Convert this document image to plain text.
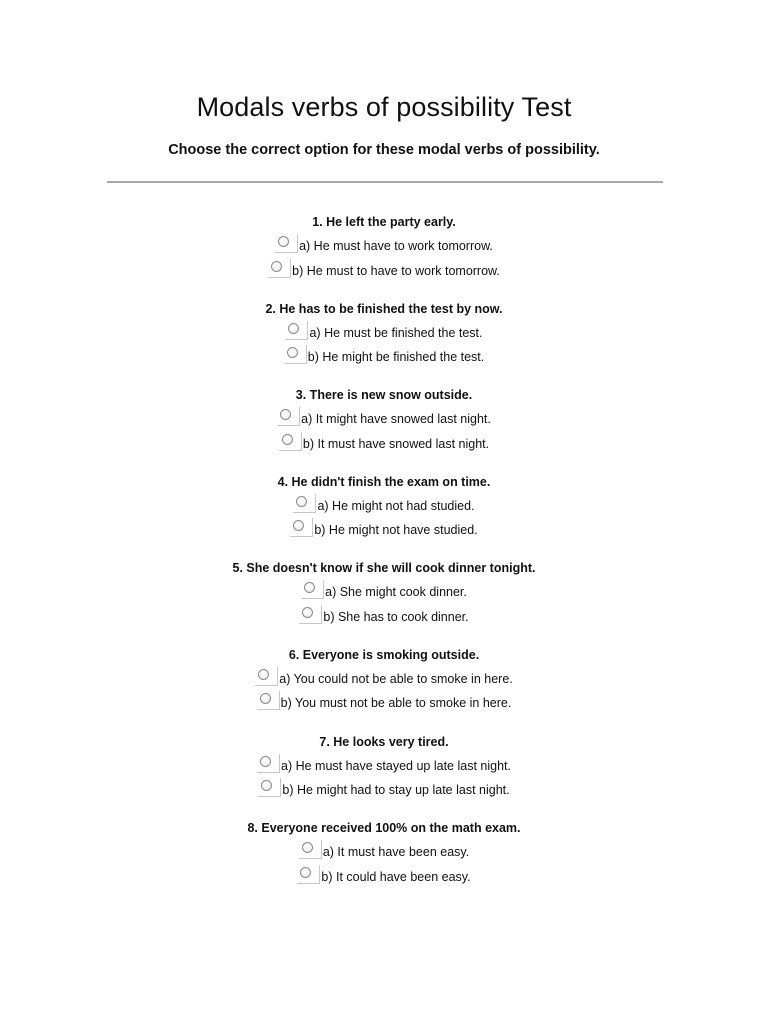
Modals verbs of possibility Test
Choose the correct option for these modal verbs of possibility.
1. He left the party early.
a) He must have to work tomorrow.
b) He must to have to work tomorrow.
2. He has to be finished the test by now.
a) He must be finished the test.
b) He might be finished the test.
3. There is new snow outside.
a) It might have snowed last night.
b) It must have snowed last night.
4. He didn't finish the exam on time.
a) He might not had studied.
b) He might not have studied.
5. She doesn't know if she will cook dinner tonight.
a) She might cook dinner.
b) She has to cook dinner.
6. Everyone is smoking outside.
a) You could not be able to smoke in here.
b) You must not be able to smoke in here.
7. He looks very tired.
a) He must have stayed up late last night.
b) He might had to stay up late last night.
8. Everyone received 100% on the math exam.
a) It must have been easy.
b) It could have been easy.
